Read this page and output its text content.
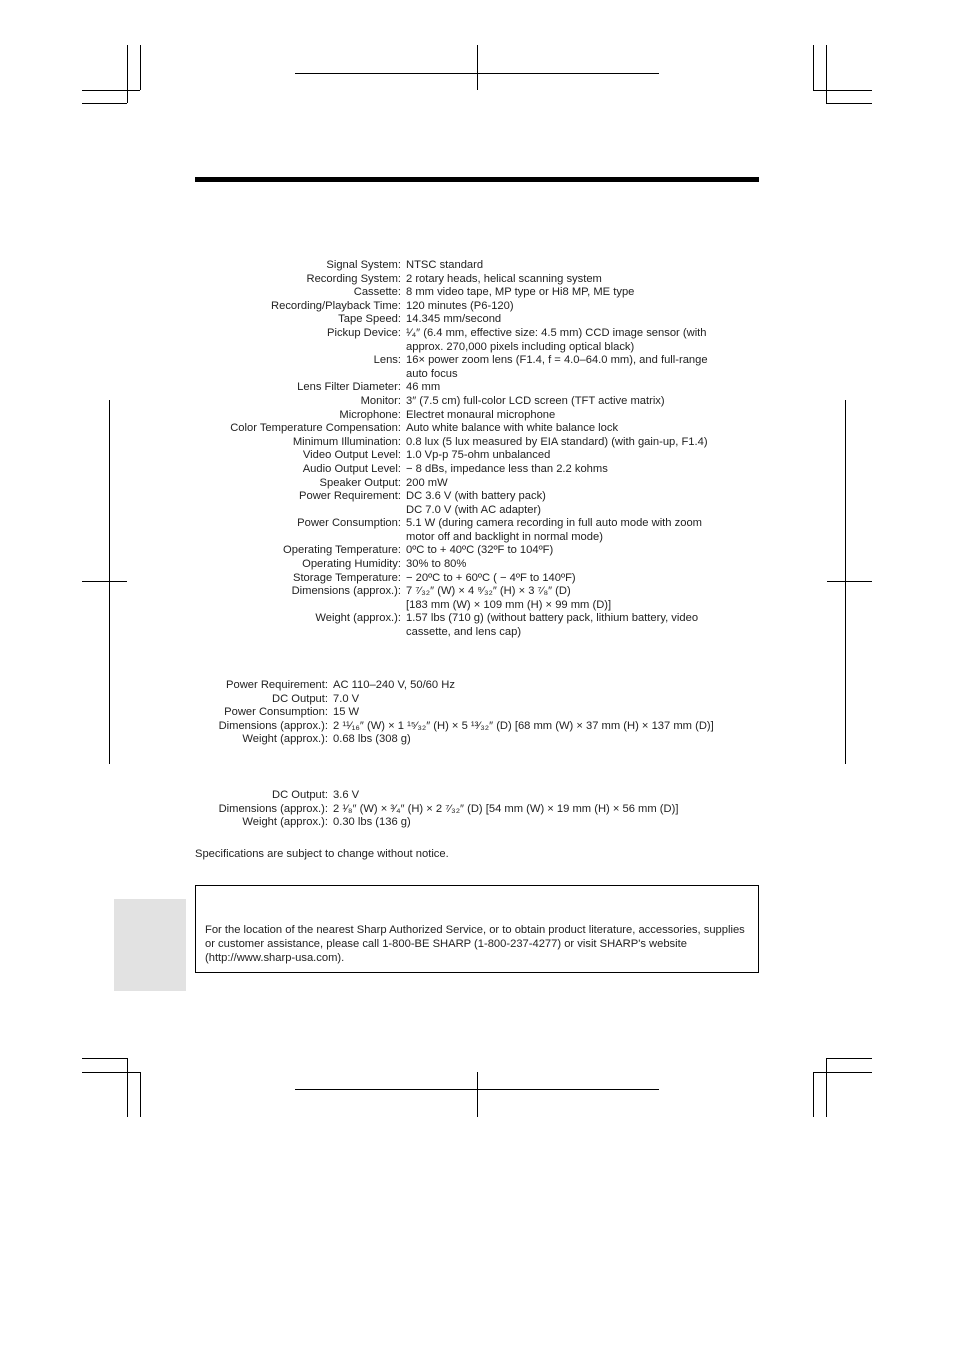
Signal System: NTSC standard
Recording System: 2 rotary heads, helical scanning system
Cassette: 8 mm video tape, MP type or Hi8 MP, ME type
Recording/Playback Time: 120 minutes (P6-120)
Tape Speed: 14.345 mm/second
Pickup Device: ¹⁄₄″ (6.4 mm, effective size: 4.5 mm) CCD image sensor (with
approx. 270,000 pixels including optical black)
Lens: 16× power zoom lens (F1.4, f = 4.0–64.0 mm), and full-range
auto focus
Lens Filter Diameter: 46 mm
Monitor: 3″ (7.5 cm) full-color LCD screen (TFT active matrix)
Microphone: Electret monaural microphone
Color Temperature Compensation: Auto white balance with white balance lock
Minimum Illumination: 0.8 lux (5 lux measured by EIA standard) (with gain-up, F1.4)
Video Output Level: 1.0 Vp-p 75-ohm unbalanced
Audio Output Level: − 8 dBs, impedance less than 2.2 kohms
Speaker Output: 200 mW
Power Requirement: DC 3.6 V (with battery pack)
DC 7.0 V (with AC adapter)
Power Consumption: 5.1 W (during camera recording in full auto mode with zoom
motor off and backlight in normal mode)
Operating Temperature: 0ºC to + 40ºC (32ºF to 104ºF)
Operating Humidity: 30% to 80%
Storage Temperature: − 20ºC to + 60ºC ( − 4ºF to 140ºF)
Dimensions (approx.): 7 ⁷⁄₃₂″ (W) × 4 ⁹⁄₃₂″ (H) × 3 ⁷⁄₈″ (D)
[183 mm (W) × 109 mm (H) × 99 mm (D)]
Weight (approx.): 1.57 lbs (710 g) (without battery pack, lithium battery, video
cassette, and lens cap)
Power Requirement: AC 110–240 V, 50/60 Hz
DC Output: 7.0 V
Power Consumption: 15 W
Dimensions (approx.): 2 ¹¹⁄₁₆″ (W) × 1 ¹⁵⁄₃₂″ (H) × 5 ¹³⁄₃₂″ (D) [68 mm (W) × 37 mm (H) × 137 mm (D)]
Weight (approx.): 0.68 lbs (308 g)
DC Output: 3.6 V
Dimensions (approx.): 2 ¹⁄₈″ (W) × ³⁄₄″ (H) × 2 ⁷⁄₃₂″ (D) [54 mm (W) × 19 mm (H) × 56 mm (D)]
Weight (approx.): 0.30 lbs (136 g)
Specifications are subject to change without notice.
For the location of the nearest Sharp Authorized Service, or to obtain product literature, accessories, supplies or customer assistance, please call 1-800-BE SHARP (1-800-237-4277) or visit SHARP's website (http://www.sharp-usa.com).
